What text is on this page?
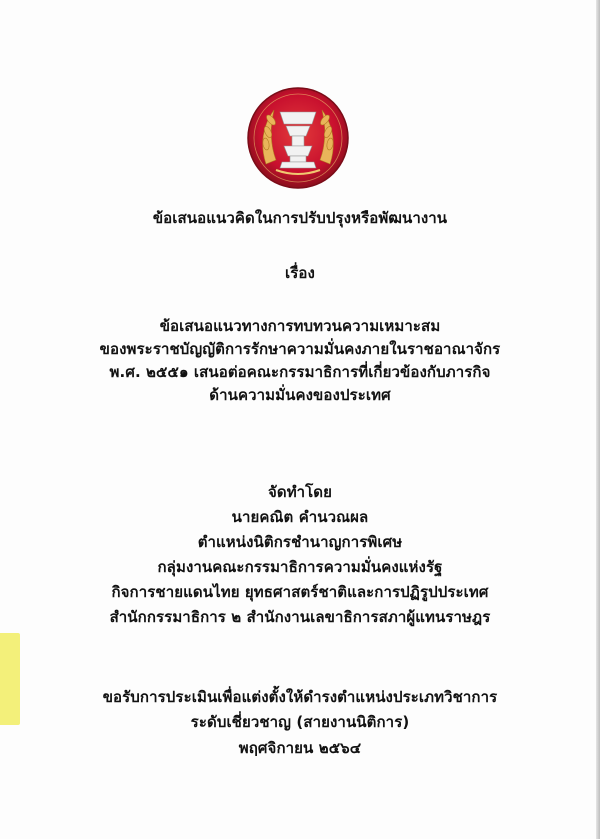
ข้อเสนอแนวคิดในการปรับปรุงหรือพัฒนางาน
เรื่อง
ข้อเสนอแนวทางการทบทวนความเหมาะสม
ของพระราชบัญญัติการรักษาความมั่นคงภายในราชอาณาจักร
พ.ศ. ๒๕๕๑ เสนอต่อคณะกรรมาธิการที่เกี่ยวข้องกับภารกิจ
ด้านความมั่นคงของประเทศ
จัดทำโดย
นายคณิต คำนวณผล
ตำแหน่งนิติกรชำนาญการพิเศษ
กลุ่มงานคณะกรรมาธิการความมั่นคงแห่งรัฐ
กิจการชายแดนไทย ยุทธศาสตร์ชาติและการปฏิรูปประเทศ
สำนักกรรมาธิการ ๒ สำนักงานเลขาธิการสภาผู้แทนราษฎร
ขอรับการประเมินเพื่อแต่งตั้งให้ดำรงตำแหน่งประเภทวิชาการ
ระดับเชี่ยวชาญ (สายงานนิติการ)
พฤศจิกายน ๒๕๖๔
